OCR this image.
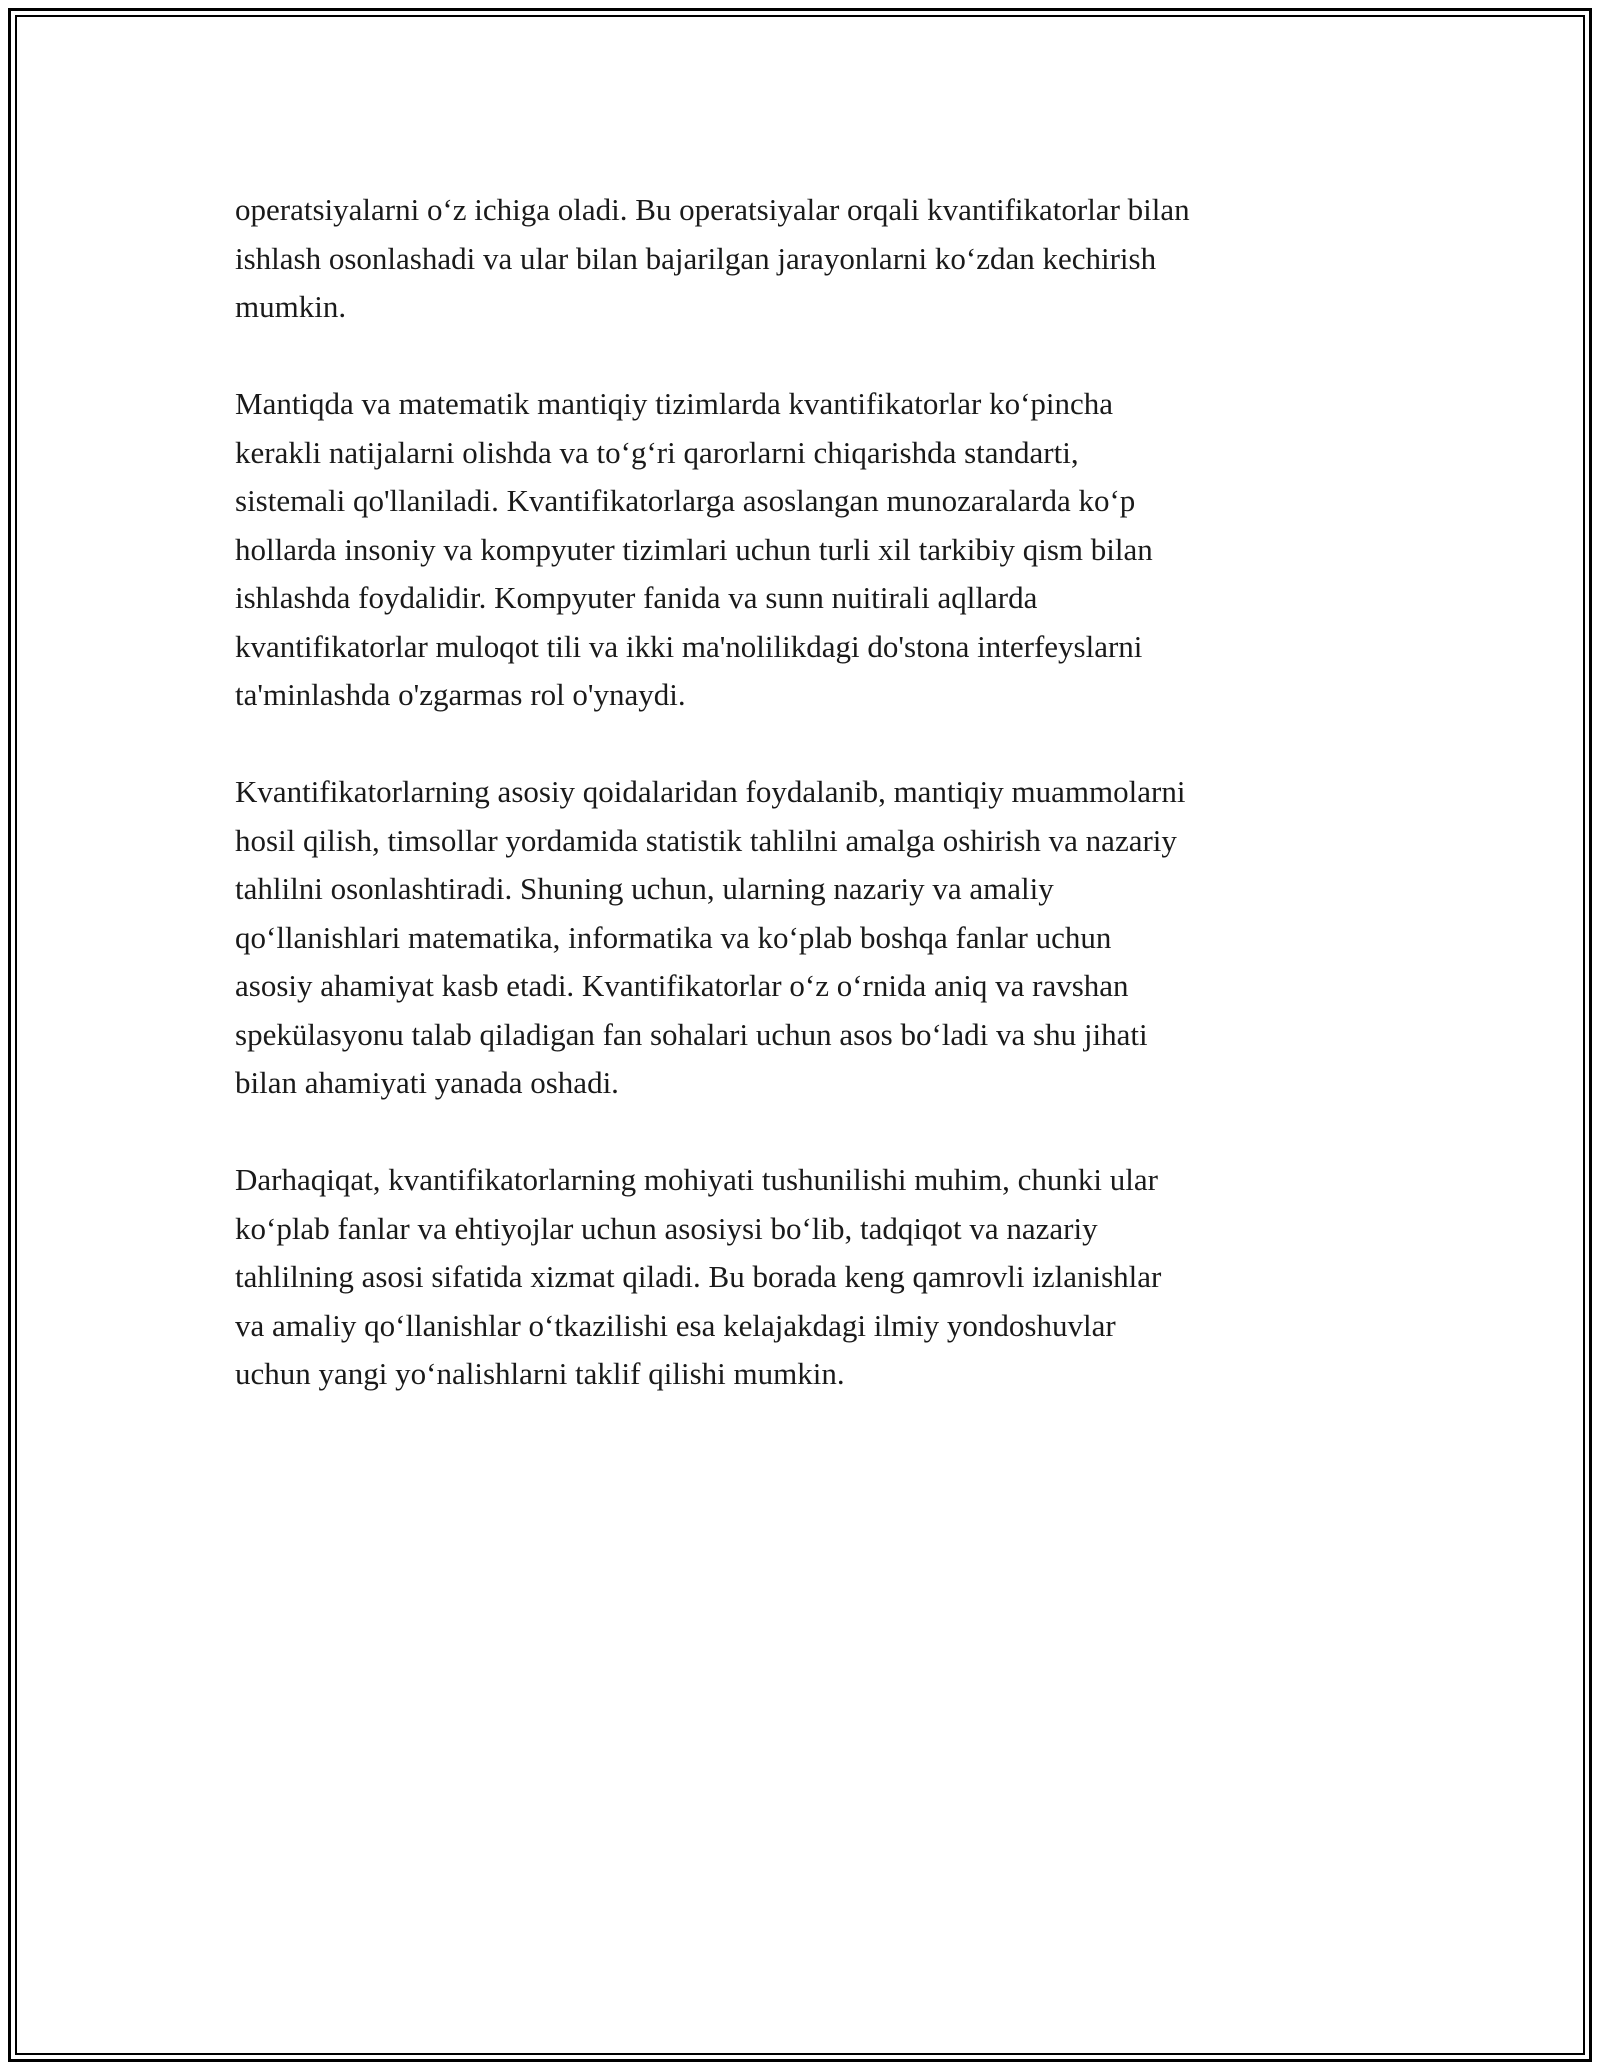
operatsiyalarni o‘z ichiga oladi. Bu operatsiyalar orqali kvantifikatorlar bilan
ishlash osonlashadi va ular bilan bajarilgan jarayonlarni ko‘zdan kechirish
mumkin.

Mantiqda va matematik mantiqiy tizimlarda kvantifikatorlar ko‘pincha
kerakli natijalarni olishda va to‘g‘ri qarorlarni chiqarishda standarti,
sistemali qo'llaniladi. Kvantifikatorlarga asoslangan munozaralarda ko‘p
hollarda insoniy va kompyuter tizimlari uchun turli xil tarkibiy qism bilan
ishlashda foydalidir. Kompyuter fanida va sunn nuitirali aqllarda
kvantifikatorlar muloqot tili va ikki ma'nolilikdagi do'stona interfeyslarni
ta'minlashda o'zgarmas rol o'ynaydi.

Kvantifikatorlarning asosiy qoidalaridan foydalanib, mantiqiy muammolarni
hosil qilish, timsollar yordamida statistik tahlilni amalga oshirish va nazariy
tahlilni osonlashtiradi. Shuning uchun, ularning nazariy va amaliy
qo‘llanishlari matematika, informatika va ko‘plab boshqa fanlar uchun
asosiy ahamiyat kasb etadi. Kvantifikatorlar o‘z o‘rnida aniq va ravshan
spekülasyonu talab qiladigan fan sohalari uchun asos bo‘ladi va shu jihati
bilan ahamiyati yanada oshadi.

Darhaqiqat, kvantifikatorlarning mohiyati tushunilishi muhim, chunki ular
ko‘plab fanlar va ehtiyojlar uchun asosiysi bo‘lib, tadqiqot va nazariy
tahlilning asosi sifatida xizmat qiladi. Bu borada keng qamrovli izlanishlar
va amaliy qo‘llanishlar o‘tkazilishi esa kelajakdagi ilmiy yondoshuvlar
uchun yangi yo‘nalishlarni taklif qilishi mumkin.
